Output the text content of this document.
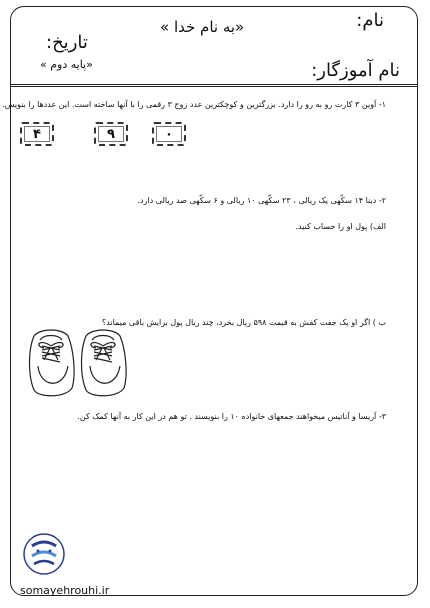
نام:
«به نام خدا »
تاریخ:
«پایه دوم »	نام آموزگار:
۱- آوین ۳ کارت رو به رو را دارد. بزرگترین و کوچکترین عدد زوج ۳ رقمی را با آنها ساخته است. این عددها را بنویس.
۴	۹	۰
۲- دینا ۱۴ سکّهی یک ریالی ، ۲۳ سکّهی ۱۰ ریالی و ۶ سکّهی صد ریالی دارد.
الف) پول او را حساب کنید.
ب ) اگر او یک جفت کفش به قیمت ۵۹۸ ریال بخرد، چند ریال پول برایش باقی میماند؟
۳- آریسا و آناتیس میخواهند جمعهای خانواده ۱۰ را بنویسند . تو هم در این کار به آنها کمک کن.
somayehrouhi.ir
